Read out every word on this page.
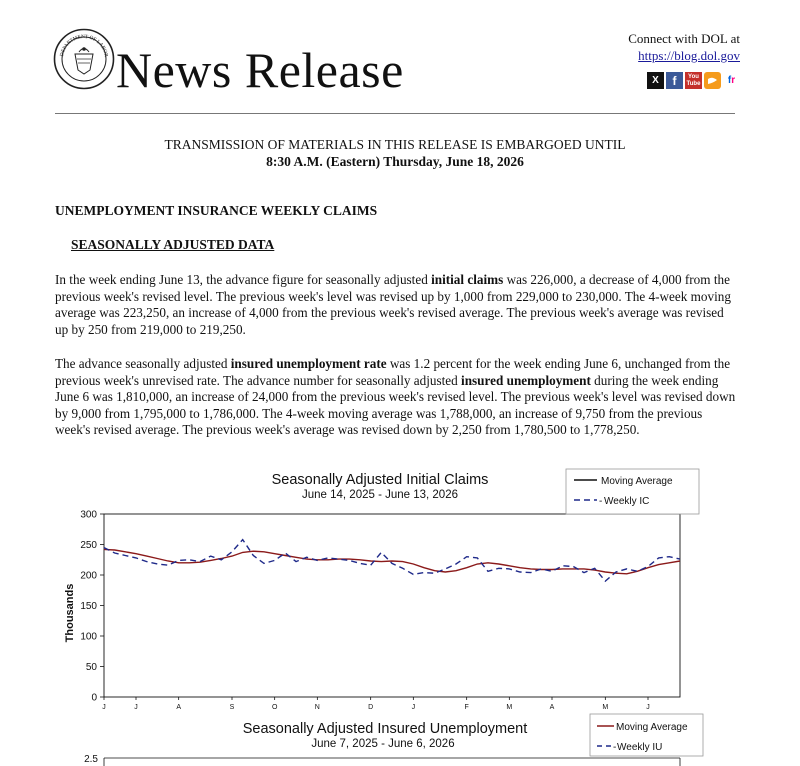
DEPARTMENT OF LABOR News Release
Connect with DOL at
https://blog.dol.gov
X	f	You
Tube	f r
TRANSMISSION OF MATERIALS IN THIS RELEASE IS EMBARGOED UNTIL
8:30 A.M. (Eastern) Thursday, June 18, 2026
UNEMPLOYMENT INSURANCE WEEKLY CLAIMS
SEASONALLY ADJUSTED DATA

In the week ending June 13, the advance figure for seasonally adjusted initial claims was 226,000, a decrease of 4,000 from the previous week's revised level. The previous week's level was revised up by 1,000 from 229,000 to 230,000. The 4-week moving average was 223,250, an increase of 4,000 from the previous week's revised average. The previous week's average was revised up by 250 from 219,000 to 219,250.

The advance seasonally adjusted insured unemployment rate was 1.2 percent for the week ending June 6, unchanged from the previous week's unrevised rate. The advance number for seasonally adjusted insured unemployment during the week ending June 6 was 1,810,000, an increase of 24,000 from the previous week's revised level. The previous week's level was revised down by 9,000 from 1,795,000 to 1,786,000. The 4-week moving average was 1,788,000, an increase of 9,750 from the previous week's revised average. The previous week's average was revised down by 2,250 from 1,780,500 to 1,778,250.

Seasonally Adjusted Initial Claims
June 14, 2025 - June 13, 2026
Thousands
0
50
100
150
200
250
300
J	J	A	S	O	N	D	J	F	M	A	M	J
Moving Average
- Weekly IC
Seasonally Adjusted Insured Unemployment
June 7, 2025 - June 6, 2026
2.5
Moving Average
- Weekly IU
